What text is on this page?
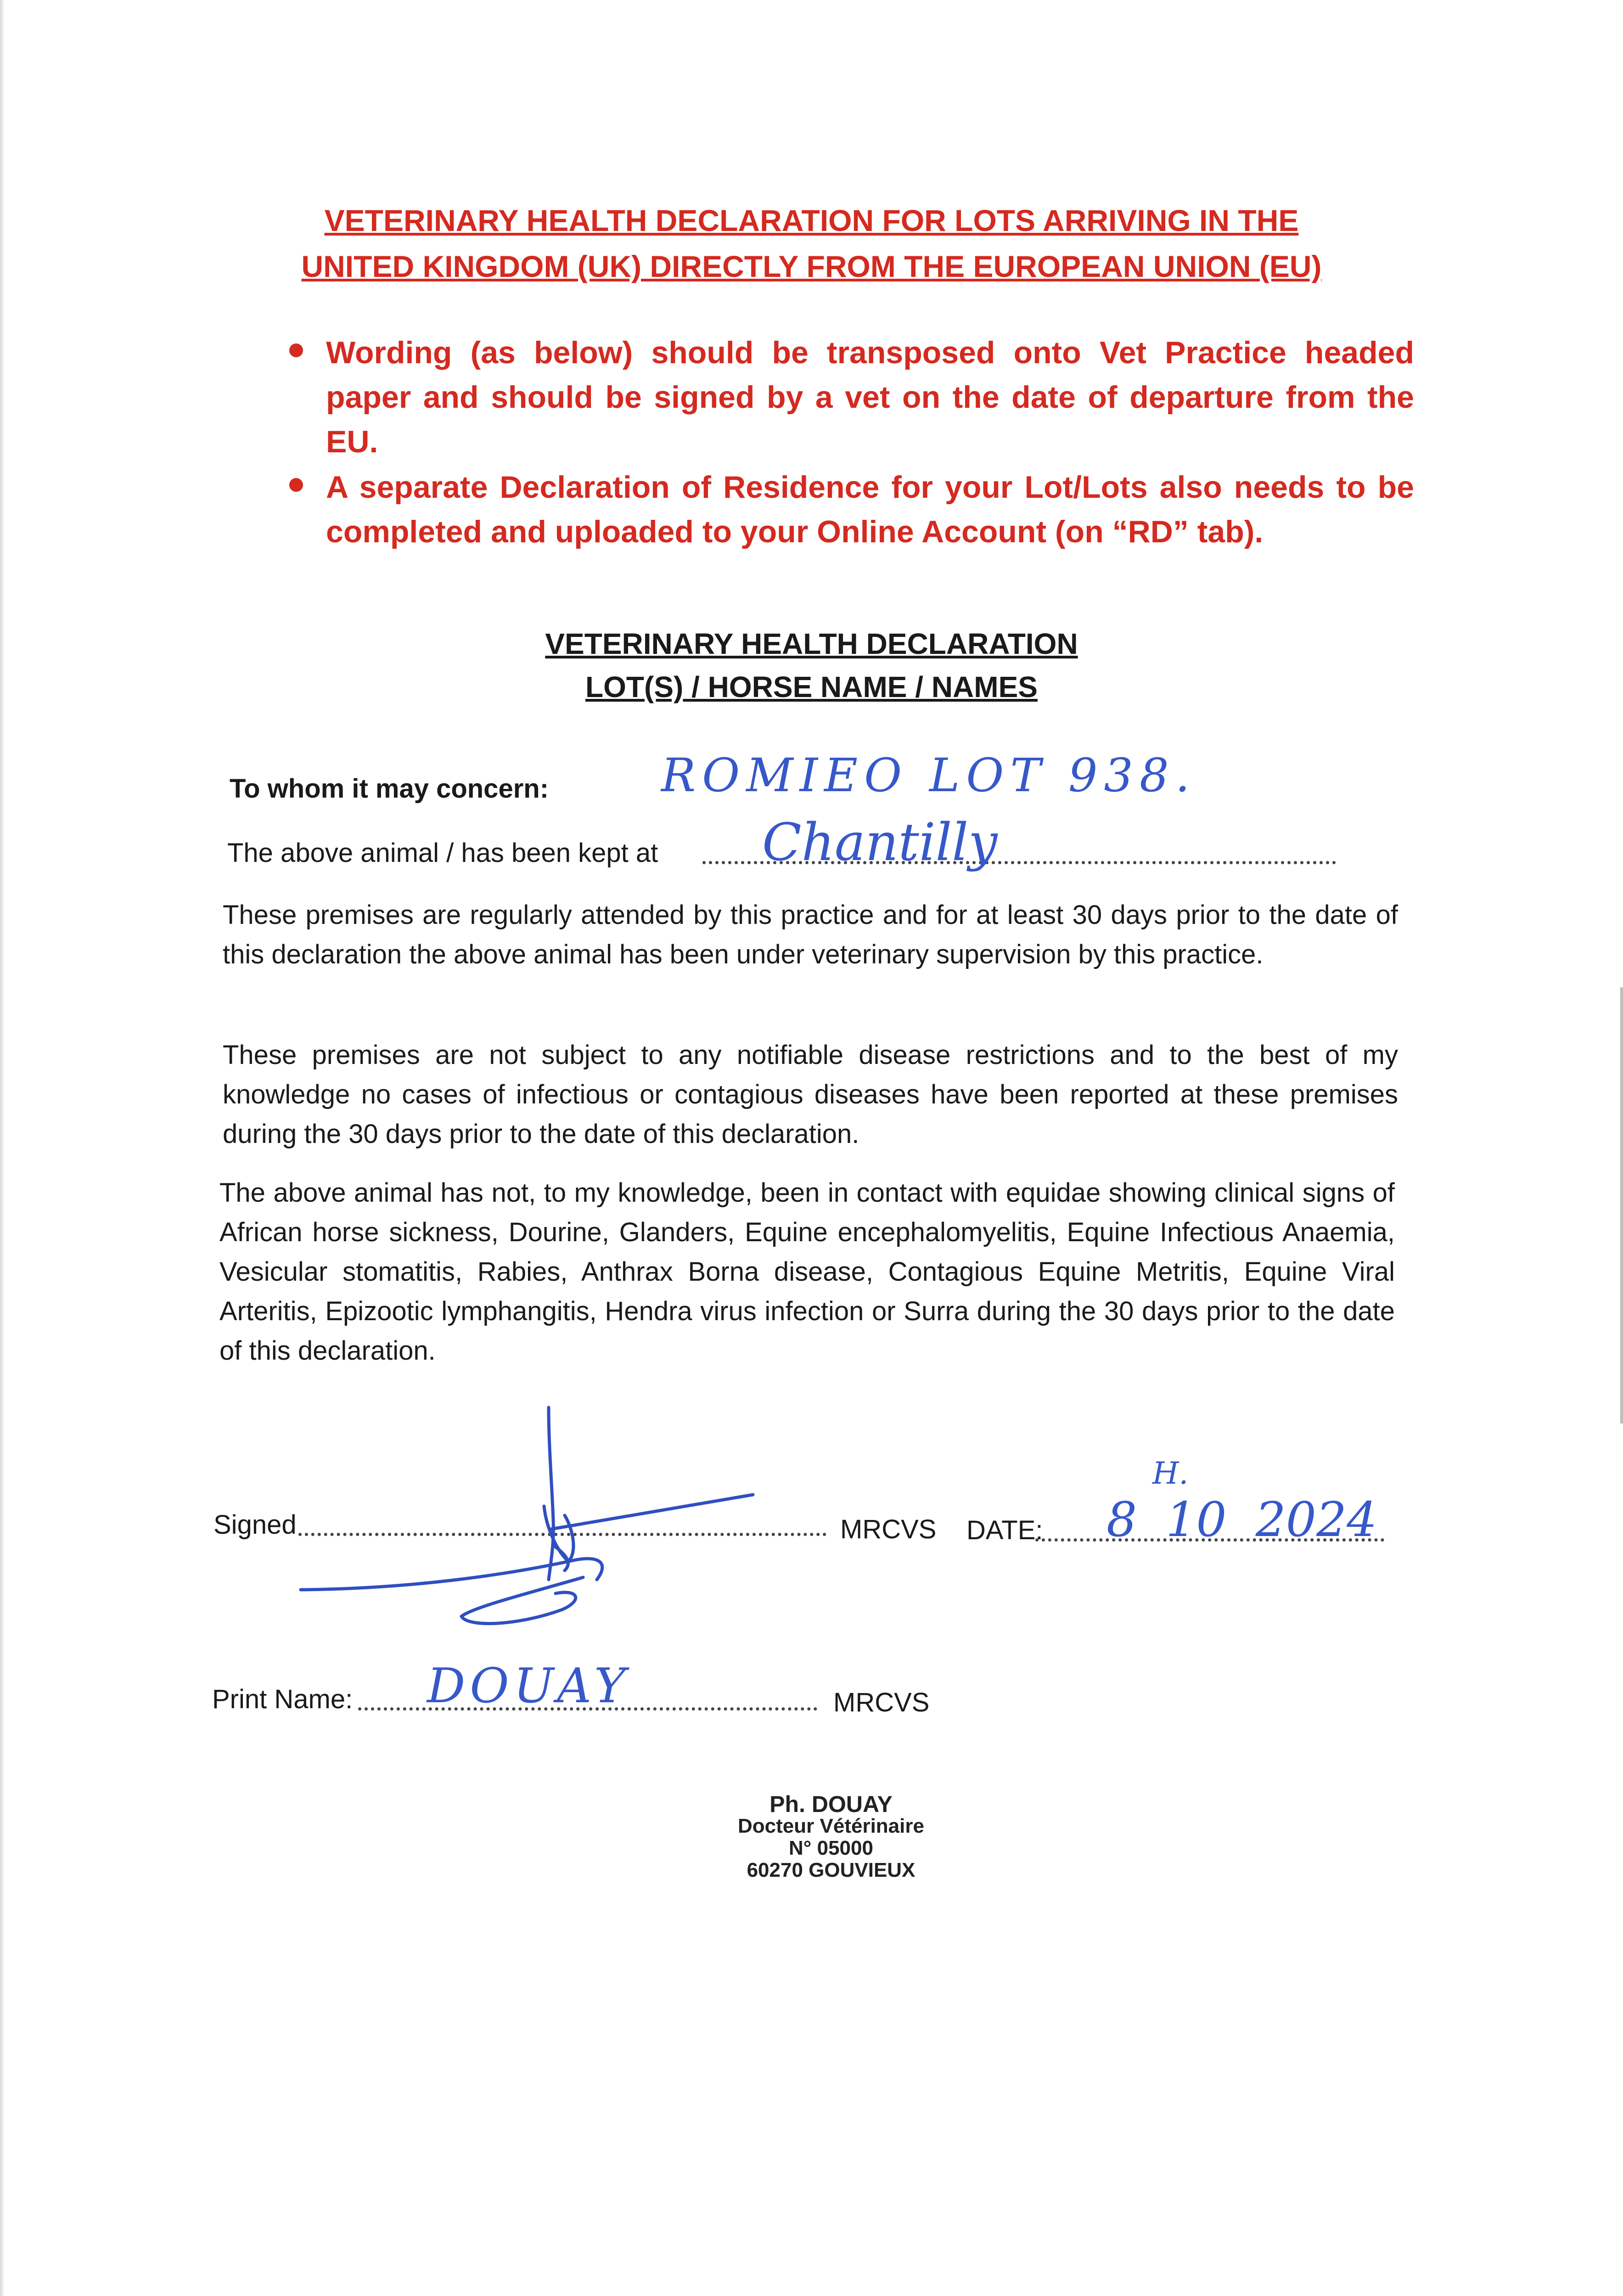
VETERINARY HEALTH DECLARATION FOR LOTS ARRIVING IN THE
UNITED KINGDOM (UK) DIRECTLY FROM THE EUROPEAN UNION (EU)
Wording (as below) should be transposed onto Vet Practice headed paper and should be signed by a vet on the date of departure from the EU.
A separate Declaration of Residence for your Lot/Lots also needs to be completed and uploaded to your Online Account (on “RD” tab).
VETERINARY HEALTH DECLARATION
LOT(S) / HORSE NAME / NAMES
To whom it may concern: ROMIEO LOT 938.
The above animal / has been kept at Chantilly
These premises are regularly attended by this practice and for at least 30 days prior to the date of this declaration the above animal has been under veterinary supervision by this practice.
These premises are not subject to any notifiable disease restrictions and to the best of my knowledge no cases of infectious or contagious diseases have been reported at these premises during the 30 days prior to the date of this declaration.
The above animal has not, to my knowledge, been in contact with equidae showing clinical signs of African horse sickness, Dourine, Glanders, Equine encephalomyelitis, Equine Infectious Anaemia, Vesicular stomatitis, Rabies, Anthrax Borna disease, Contagious Equine Metritis, Equine Viral Arteritis, Epizootic lymphangitis, Hendra virus infection or Surra during the 30 days prior to the date of this declaration.
Signed	MRCVS DATE: 8 10 2024
H.
Print Name:	MRCVS
DOUAY
Ph. DOUAY
Docteur Vétérinaire
N° 05000
60270 GOUVIEUX
